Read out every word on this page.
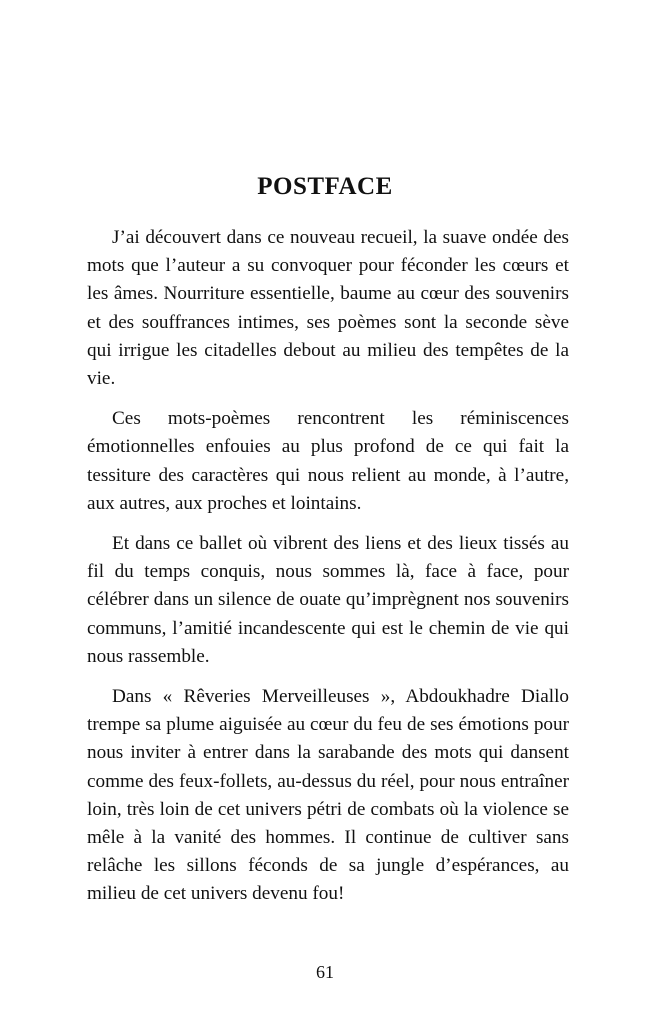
POSTFACE

J’ai découvert dans ce nouveau recueil, la suave ondée des mots que l’auteur a su convoquer pour féconder les cœurs et les âmes. Nourriture essentielle, baume au cœur des souvenirs et des souffrances intimes, ses poèmes sont la seconde sève qui irrigue les citadelles debout au milieu des tempêtes de la vie.

Ces mots-poèmes rencontrent les réminiscences émotionnelles enfouies au plus profond de ce qui fait la tessiture des caractères qui nous relient au monde, à l’autre, aux autres, aux proches et lointains.

Et dans ce ballet où vibrent des liens et des lieux tissés au fil du temps conquis, nous sommes là, face à face, pour célébrer dans un silence de ouate qu’imprègnent nos souvenirs communs, l’amitié incandescente qui est le chemin de vie qui nous rassemble.

Dans « Rêveries Merveilleuses », Abdoukhadre Diallo trempe sa plume aiguisée au cœur du feu de ses émotions pour nous inviter à entrer dans la sarabande des mots qui dansent comme des feux-follets, au-dessus du réel, pour nous entraîner loin, très loin de cet univers pétri de combats où la violence se mêle à la vanité des hommes. Il continue de cultiver sans relâche les sillons féconds de sa jungle d’espérances, au milieu de cet univers devenu fou!

61
